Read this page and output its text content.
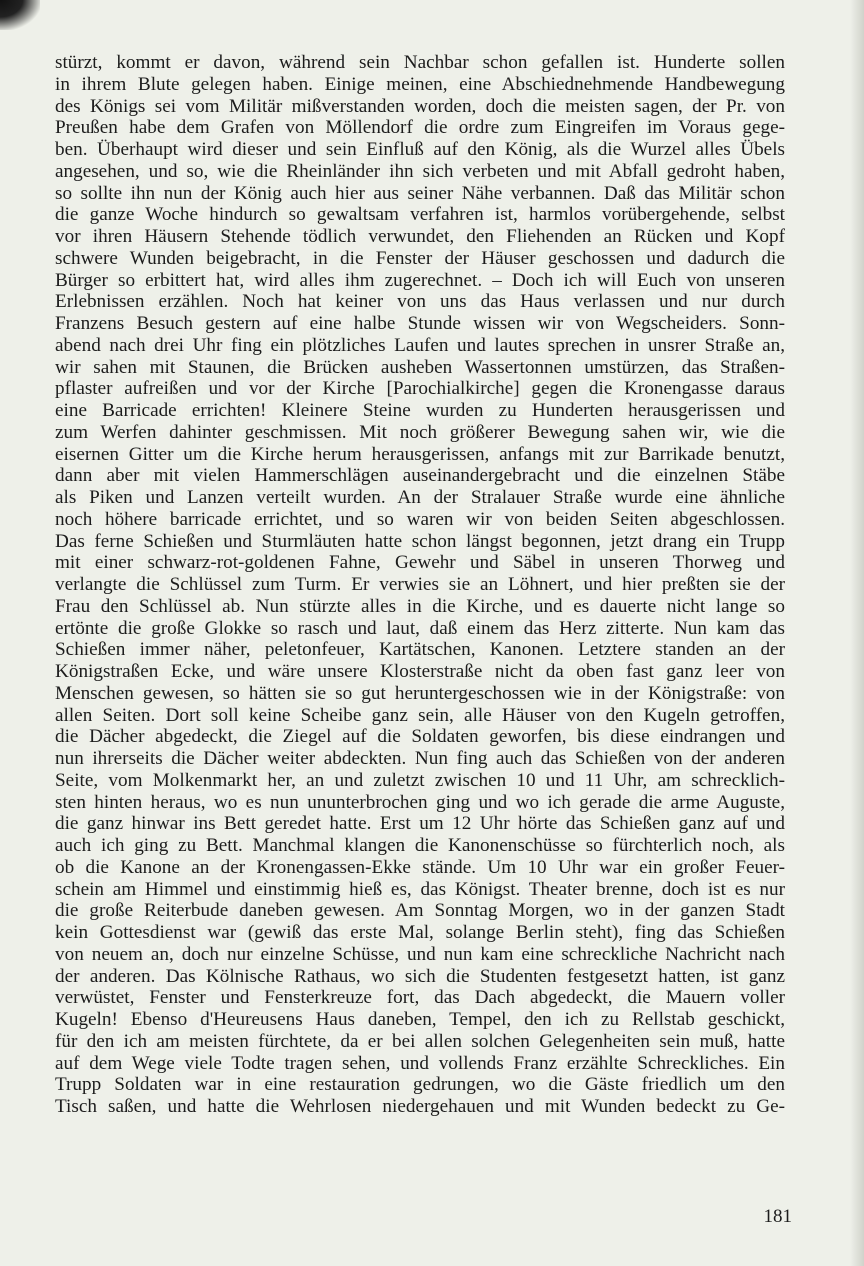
stürzt, kommt er davon, während sein Nachbar schon gefallen ist. Hunderte sollen
in ihrem Blute gelegen haben. Einige meinen, eine Abschiednehmende Handbewegung
des Königs sei vom Militär mißverstanden worden, doch die meisten sagen, der Pr. von
Preußen habe dem Grafen von Möllendorf die ordre zum Eingreifen im Voraus gege-
ben. Überhaupt wird dieser und sein Einfluß auf den König, als die Wurzel alles Übels
angesehen, und so, wie die Rheinländer ihn sich verbeten und mit Abfall gedroht haben,
so sollte ihn nun der König auch hier aus seiner Nähe verbannen. Daß das Militär schon
die ganze Woche hindurch so gewaltsam verfahren ist, harmlos vorübergehende, selbst
vor ihren Häusern Stehende tödlich verwundet, den Fliehenden an Rücken und Kopf
schwere Wunden beigebracht, in die Fenster der Häuser geschossen und dadurch die
Bürger so erbittert hat, wird alles ihm zugerechnet. – Doch ich will Euch von unseren
Erlebnissen erzählen. Noch hat keiner von uns das Haus verlassen und nur durch
Franzens Besuch gestern auf eine halbe Stunde wissen wir von Wegscheiders. Sonn-
abend nach drei Uhr fing ein plötzliches Laufen und lautes sprechen in unsrer Straße an,
wir sahen mit Staunen, die Brücken ausheben Wassertonnen umstürzen, das Straßen-
pflaster aufreißen und vor der Kirche [Parochialkirche] gegen die Kronengasse daraus
eine Barricade errichten! Kleinere Steine wurden zu Hunderten herausgerissen und
zum Werfen dahinter geschmissen. Mit noch größerer Bewegung sahen wir, wie die
eisernen Gitter um die Kirche herum herausgerissen, anfangs mit zur Barrikade benutzt,
dann aber mit vielen Hammerschlägen auseinandergebracht und die einzelnen Stäbe
als Piken und Lanzen verteilt wurden. An der Stralauer Straße wurde eine ähnliche
noch höhere barricade errichtet, und so waren wir von beiden Seiten abgeschlossen.
Das ferne Schießen und Sturmläuten hatte schon längst begonnen, jetzt drang ein Trupp
mit einer schwarz-rot-goldenen Fahne, Gewehr und Säbel in unseren Thorweg und
verlangte die Schlüssel zum Turm. Er verwies sie an Löhnert, und hier preßten sie der
Frau den Schlüssel ab. Nun stürzte alles in die Kirche, und es dauerte nicht lange so
ertönte die große Glokke so rasch und laut, daß einem das Herz zitterte. Nun kam das
Schießen immer näher, peletonfeuer, Kartätschen, Kanonen. Letztere standen an der
Königstraßen Ecke, und wäre unsere Klosterstraße nicht da oben fast ganz leer von
Menschen gewesen, so hätten sie so gut heruntergeschossen wie in der Königstraße: von
allen Seiten. Dort soll keine Scheibe ganz sein, alle Häuser von den Kugeln getroffen,
die Dächer abgedeckt, die Ziegel auf die Soldaten geworfen, bis diese eindrangen und
nun ihrerseits die Dächer weiter abdeckten. Nun fing auch das Schießen von der anderen
Seite, vom Molkenmarkt her, an und zuletzt zwischen 10 und 11 Uhr, am schrecklich-
sten hinten heraus, wo es nun ununterbrochen ging und wo ich gerade die arme Auguste,
die ganz hinwar ins Bett geredet hatte. Erst um 12 Uhr hörte das Schießen ganz auf und
auch ich ging zu Bett. Manchmal klangen die Kanonenschüsse so fürchterlich noch, als
ob die Kanone an der Kronengassen-Ekke stände. Um 10 Uhr war ein großer Feuer-
schein am Himmel und einstimmig hieß es, das Königst. Theater brenne, doch ist es nur
die große Reiterbude daneben gewesen. Am Sonntag Morgen, wo in der ganzen Stadt
kein Gottesdienst war (gewiß das erste Mal, solange Berlin steht), fing das Schießen
von neuem an, doch nur einzelne Schüsse, und nun kam eine schreckliche Nachricht nach
der anderen. Das Kölnische Rathaus, wo sich die Studenten festgesetzt hatten, ist ganz
verwüstet, Fenster und Fensterkreuze fort, das Dach abgedeckt, die Mauern voller
Kugeln! Ebenso d'Heureusens Haus daneben, Tempel, den ich zu Rellstab geschickt,
für den ich am meisten fürchtete, da er bei allen solchen Gelegenheiten sein muß, hatte
auf dem Wege viele Todte tragen sehen, und vollends Franz erzählte Schreckliches. Ein
Trupp Soldaten war in eine restauration gedrungen, wo die Gäste friedlich um den
Tisch saßen, und hatte die Wehrlosen niedergehauen und mit Wunden bedeckt zu Ge-
181
